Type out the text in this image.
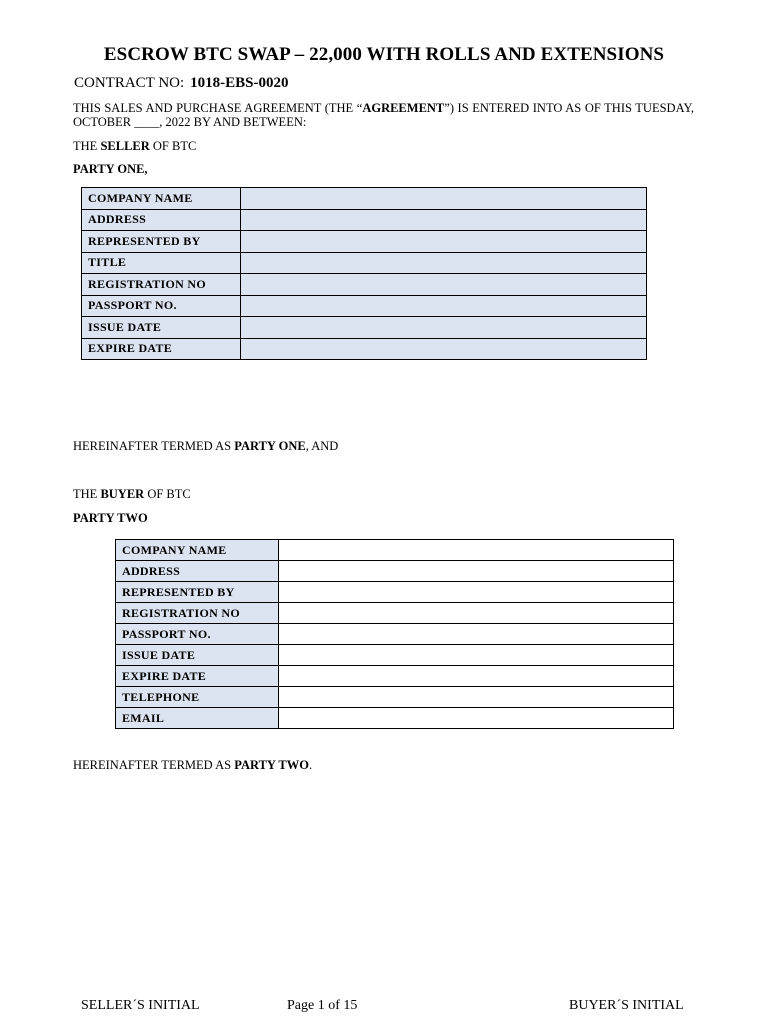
ESCROW BTC SWAP – 22,000 WITH ROLLS AND EXTENSIONS
CONTRACT NO: 1018-EBS-0020
THIS SALES AND PURCHASE AGREEMENT (THE “AGREEMENT”) IS ENTERED INTO AS OF THIS TUESDAY, OCTOBER ____, 2022 BY AND BETWEEN:
THE SELLER OF BTC
PARTY ONE,
COMPANY NAME	
ADDRESS	
REPRESENTED BY	
TITLE	
REGISTRATION NO	
PASSPORT NO.	
ISSUE DATE	
EXPIRE DATE	
HEREINAFTER TERMED AS PARTY ONE, AND
THE BUYER OF BTC
PARTY TWO
COMPANY NAME	
ADDRESS	
REPRESENTED BY	
REGISTRATION NO	
PASSPORT NO.	
ISSUE DATE	
EXPIRE DATE	
TELEPHONE	
EMAIL	
HEREINAFTER TERMED AS PARTY TWO.
SELLER´S INITIAL	Page 1 of 15	BUYER´S INITIAL
